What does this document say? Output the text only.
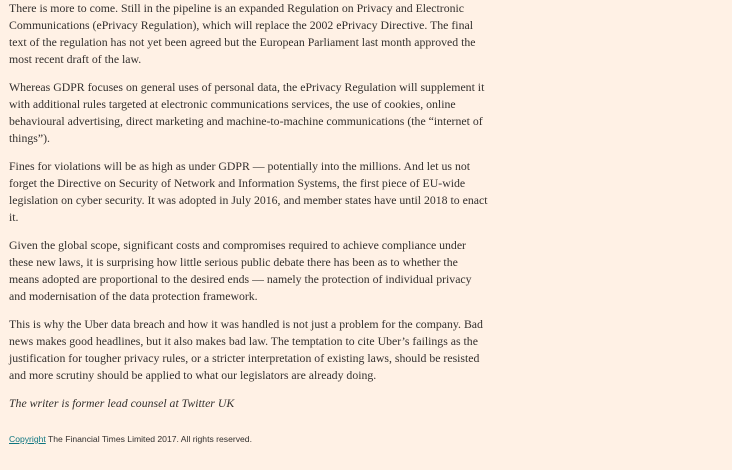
There is more to come. Still in the pipeline is an expanded Regulation on Privacy and Electronic Communications (ePrivacy Regulation), which will replace the 2002 ePrivacy Directive. The final text of the regulation has not yet been agreed but the European Parliament last month approved the most recent draft of the law.

Whereas GDPR focuses on general uses of personal data, the ePrivacy Regulation will supplement it with additional rules targeted at electronic communications services, the use of cookies, online behavioural advertising, direct marketing and machine-to-machine communications (the “internet of things”).

Fines for violations will be as high as under GDPR — potentially into the millions. And let us not forget the Directive on Security of Network and Information Systems, the first piece of EU-wide legislation on cyber security. It was adopted in July 2016, and member states have until 2018 to enact it.

Given the global scope, significant costs and compromises required to achieve compliance under these new laws, it is surprising how little serious public debate there has been as to whether the means adopted are proportional to the desired ends — namely the protection of individual privacy and modernisation of the data protection framework.

This is why the Uber data breach and how it was handled is not just a problem for the company. Bad news makes good headlines, but it also makes bad law. The temptation to cite Uber’s failings as the justification for tougher privacy rules, or a stricter interpretation of existing laws, should be resisted and more scrutiny should be applied to what our legislators are already doing.

The writer is former lead counsel at Twitter UK

Copyright The Financial Times Limited 2017. All rights reserved.
